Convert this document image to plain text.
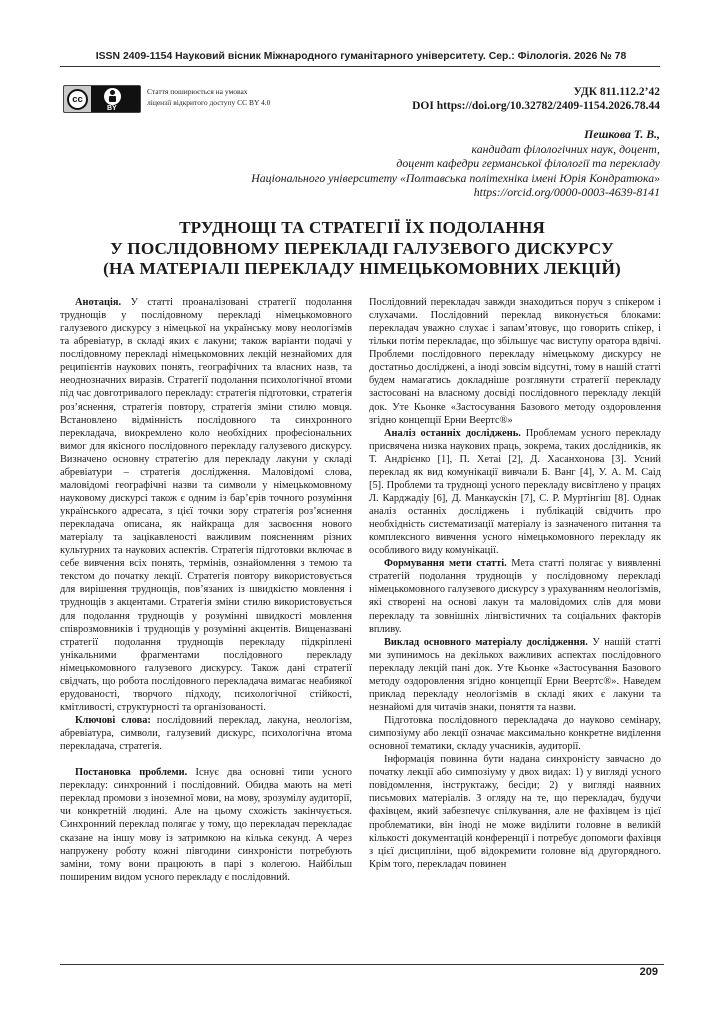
ISSN 2409-1154 Науковий вісник Міжнародного гуманітарного університету. Сер.: Філологія. 2026 № 78
cc
BY
Стаття поширюється на умовах
ліцензії відкритого доступу CC BY 4.0
УДК 811.112.2’42
DOI https://doi.org/10.32782/2409-1154.2026.78.44
Пешкова Т. В.,
кандидат філологічних наук, доцент,
доцент кафедри германської філології та перекладу
Національного університету «Полтавська політехніка імені Юрія Кондратюка»
https://orcid.org/0000-0003-4639-8141
ТРУДНОЩІ ТА СТРАТЕГІЇ ЇХ ПОДОЛАННЯ
У ПОСЛІДОВНОМУ ПЕРЕКЛАДІ ГАЛУЗЕВОГО ДИСКУРСУ
(НА МАТЕРІАЛІ ПЕРЕКЛАДУ НІМЕЦЬКОМОВНИХ ЛЕКЦІЙ)

Анотація. У статті проаналізовані стратегії подолання труднощів у послідовному перекладі німецькомовного галузевого дискурсу з німецької на українську мову неологізмів та абревіатур, в складі яких є лакуни; також варіанти подачі у послідовному перекладі німецькомовних лекцій незнайомих для реципієнтів наукових понять, географічних та власних назв, та неоднозначних виразів. Стратегії подолання психологічної втоми під час довготривалого перекладу: стратегія підготовки, стратегія роз’яснення, стратегія повтору, стратегія зміни стилю мовця. Встановлено відмінність послідовного та синхронного перекладача, виокремлено коло необхідних професіональних вимог для якісного послідовного перекладу галузевого дискурсу. Визначено основну стратегію для перекладу лакуни у складі абревіатури – стратегія дослідження. Маловідомі слова, маловідомі географічні назви та символи у німецькомовному науковому дискурсі також є одним із бар’єрів точного розуміння українського адресата, з цієї точки зору стратегія роз’яснення перекладача описана, як найкраща для засвоєння нового матеріалу та зацікавленості важливим поясненням різних культурних та наукових аспектів. Стратегія підготовки включає в себе вивчення всіх понять, термінів, ознайомлення з темою та текстом до початку лекції. Стратегія повтору використовується для вирішення труднощів, пов’язаних із швидкістю мовлення і труднощів з акцентами. Стратегія зміни стилю використовується для подолання труднощів у розумінні швидкості мовлення співрозмовників і труднощів у розумінні акцентів. Вищеназвані стратегії подолання труднощів перекладу підкріплені унікальними фрагментами послідовного перекладу німецькомовного галузевого дискурсу. Також дані стратегії свідчать, що робота послідовного перекладача вимагає неабиякої ерудованості, творчого підходу, психологічної стійкості, кмітливості, структурності та організованості.

Ключові слова: послідовний переклад, лакуна, неологізм, абревіатура, символи, галузевий дискурс, психологічна втома перекладача, стратегія.

Постановка проблеми. Існує два основні типи усного перекладу: синхронний і послідовний. Обидва мають на меті переклад промови з іноземної мови, на мову, зрозумілу аудиторії, чи конкретній людині. Але на цьому схожість закінчується. Синхронний переклад полягає у тому, що перекладач перекладає сказане на іншу мову із затримкою на кілька секунд. А через напружену роботу кожні півгодини синхроністи потребують заміни, тому вони працюють в парі з колегою. Найбільш поширеним видом усного перекладу є послідовний.

Послідовний перекладач завжди знаходиться поруч з спікером і слухачами. Послідовний переклад виконується блоками: перекладач уважно слухає і запам’ятовує, що говорить спікер, і тільки потім перекладає, що збільшує час виступу оратора вдвічі. Проблеми послідовного перекладу німецькому дискурсу не достатньо досліджені, а іноді зовсім відсутні, тому в нашій статті будем намагатись докладніше розглянути стратегії перекладу застосовані на власному досвіді послідовного перекладу лекцій док. Уте Кьонке «Застосування Базового методу оздоровлення згідно концепції Ерни Веертс®»

Аналіз останніх досліджень. Проблемам усного перекладу присвячена низка наукових праць, зокрема, таких дослідників, як Т. Андрієнко [1], П. Хетаі [2], Д. Хасанхонова [3]. Усний переклад як вид комунікації вивчали Б. Ванг [4], У. А. М. Саід [5]. Проблеми та труднощі усного перекладу висвітлено у працях Л. Карджадіу [6], Д. Манкаускін [7], С. Р. Муртінгіш [8]. Однак аналіз останніх досліджень і публікацій свідчить про необхідність систематизації матеріалу із зазначеного питання та комплексного вивчення усного німецькомовного перекладу як особливого виду комунікації.

Формування мети статті. Мета статті полягає у виявленні стратегій подолання труднощів у послідовному перекладі німецькомовного галузевого дискурсу з урахуванням неологізмів, які створені на основі лакун та маловідомих слів для мови перекладу та зовнішніх лінгвістичних та соціальних факторів впливу.

Виклад основного матеріалу дослідження. У нашій статті ми зупинимось на декількох важливих аспектах послідовного перекладу лекцій пані док. Уте Кьонке «Застосування Базового методу оздоровлення згідно концепції Ерни Веертс®». Наведем приклад перекладу неологізмів в складі яких є лакуни та незнайомі для читачів знаки, поняття та назви.

Підготовка послідовного перекладача до науково семінару, симпозіуму або лекції означає максимально конкретне виділення основної тематики, складу учасників, аудиторії.

Інформація повинна бути надана синхроністу завчасно до початку лекції або симпозіуму у двох видах: 1) у вигляді усного повідомлення, інструктажу, бесіди; 2) у вигляді наявних письмових матеріалів. З огляду на те, що перекладач, будучи фахівцем, який забезпечує спілкування, але не фахівцем із цієї проблематики, він іноді не може виділити головне в великій кількості документацій конференції і потребує допомоги фахівця з цієї дисципліни, щоб відокремити головне від другорядного. Крім того, перекладач повинен

209
